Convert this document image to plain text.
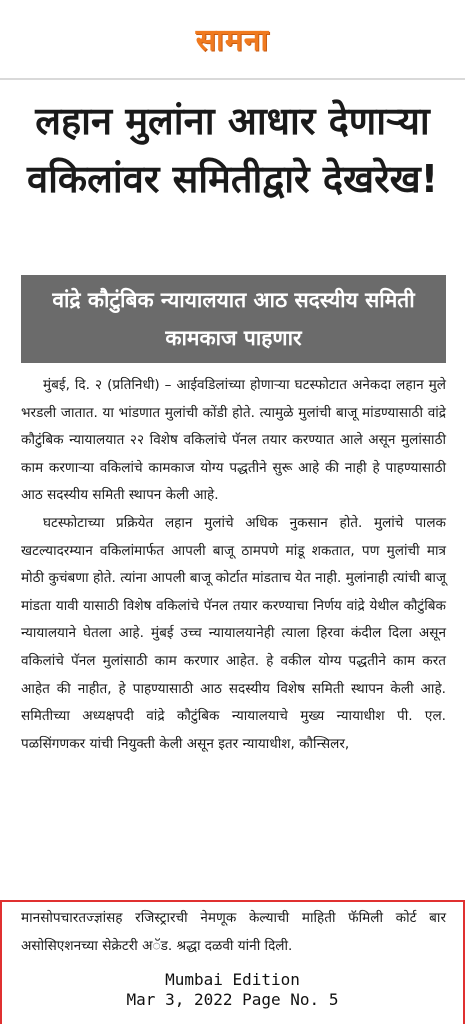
सामना
लहान मुलांना आधार देणाऱ्या वकिलांवर समितीद्वारे देखरेख!
वांद्रे कौटुंबिक न्यायालयात आठ सदस्यीय समिती कामकाज पाहणार

मुंबई, दि. २ (प्रतिनिधी) – आईवडिलांच्या होणाऱ्या घटस्फोटात अनेकदा लहान मुले भरडली जातात. या भांडणात मुलांची कोंडी होते. त्यामुळे मुलांची बाजू मांडण्यासाठी वांद्रे कौटुंबिक न्यायालयात २२ विशेष वकिलांचे पॅनल तयार करण्यात आले असून मुलांसाठी काम करणाऱ्या वकिलांचे कामकाज योग्य पद्धतीने सुरू आहे की नाही हे पाहण्यासाठी आठ सदस्यीय समिती स्थापन केली आहे.

घटस्फोटाच्या प्रक्रियेत लहान मुलांचे अधिक नुकसान होते. मुलांचे पालक खटल्यादरम्यान वकिलांमार्फत आपली बाजू ठामपणे मांडू शकतात, पण मुलांची मात्र मोठी कुचंबणा होते. त्यांना आपली बाजू कोर्टात मांडताच येत नाही. मुलांनाही त्यांची बाजू मांडता यावी यासाठी विशेष वकिलांचे पॅनल तयार करण्याचा निर्णय वांद्रे येथील कौटुंबिक न्यायालयाने घेतला आहे. मुंबई उच्च न्यायालयानेही त्याला हिरवा कंदील दिला असून वकिलांचे पॅनल मुलांसाठी काम करणार आहेत. हे वकील योग्य पद्धतीने काम करत आहेत की नाहीत, हे पाहण्यासाठी आठ सदस्यीय विशेष समिती स्थापन केली आहे. समितीच्या अध्यक्षपदी वांद्रे कौटुंबिक न्यायालयाचे मुख्य न्यायाधीश पी. एल. पळसिंगणकर यांची नियुक्ती केली असून इतर न्यायाधीश, कौन्सिलर,

मानसोपचारतज्ज्ञांसह रजिस्ट्रारची नेमणूक केल्याची माहिती फॅमिली कोर्ट बार असोसिएशनच्या सेक्रेटरी अॅड. श्रद्धा दळवी यांनी दिली.
Mumbai Edition
Mar 3, 2022 Page No. 5
